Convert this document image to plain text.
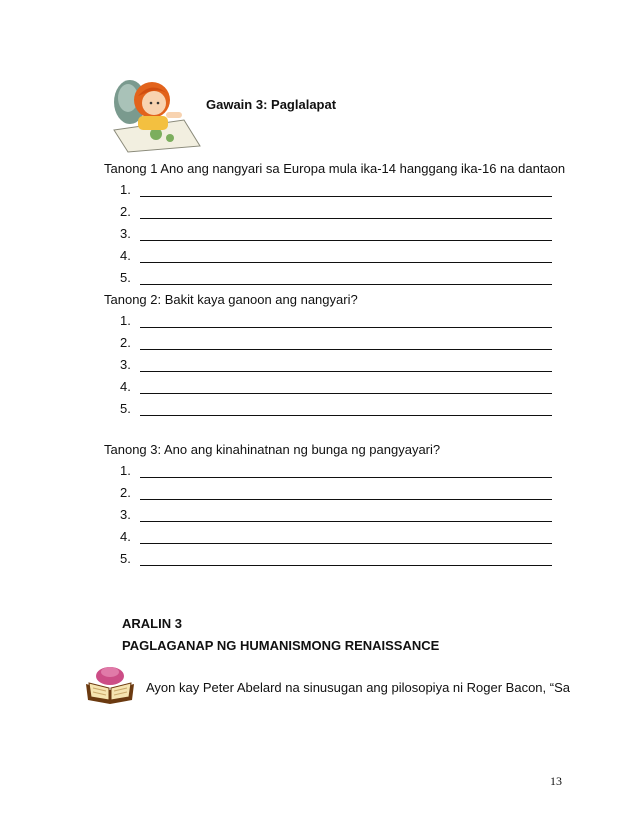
Gawain 3: Paglalapat
Tanong 1 Ano ang nangyari sa Europa mula ika-14 hanggang ika-16 na dantaon
1.
2.
3.
4.
5.
Tanong 2: Bakit kaya ganoon ang nangyari?
1.
2.
3.
4.
5.
Tanong 3: Ano ang kinahinatnan ng bunga ng pangyayari?
1.
2.
3.
4.
5.
ARALIN 3
PAGLAGANAP NG HUMANISMONG RENAISSANCE
Ayon kay Peter Abelard na sinusugan ang pilosopiya ni Roger Bacon, “Sa
13
